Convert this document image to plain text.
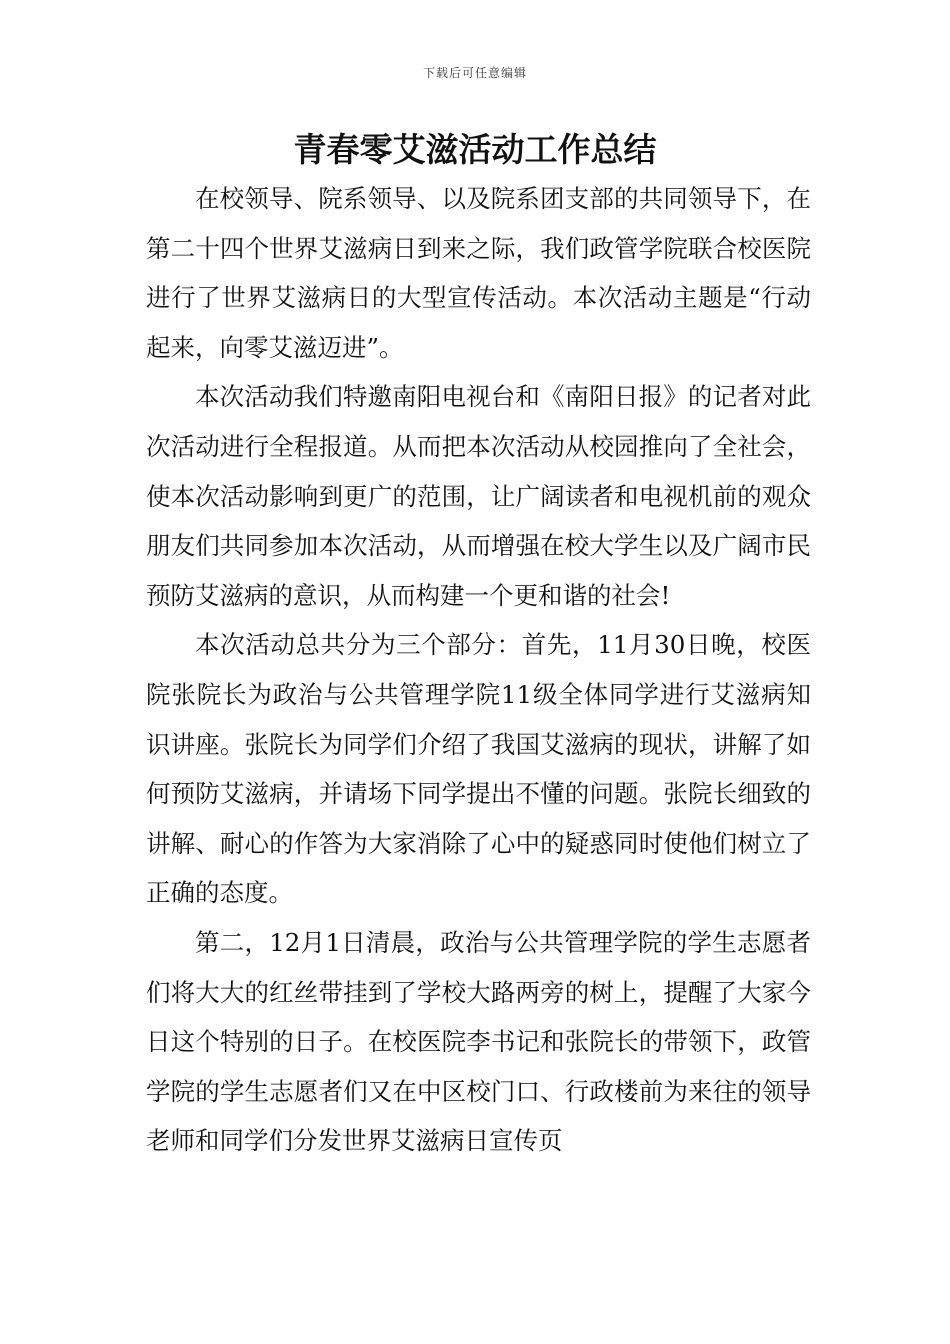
下载后可任意编辑
青春零艾滋活动工作总结

在校领导、院系领导、以及院系团支部的共同领导下，在第二十四个世界艾滋病日到来之际，我们政管学院联合校医院进行了世界艾滋病日的大型宣传活动。本次活动主题是“行动起来，向零艾滋迈进”。

本次活动我们特邀南阳电视台和《南阳日报》的记者对此次活动进行全程报道。从而把本次活动从校园推向了全社会，使本次活动影响到更广的范围，让广阔读者和电视机前的观众朋友们共同参加本次活动，从而增强在校大学生以及广阔市民预防艾滋病的意识，从而构建一个更和谐的社会!

本次活动总共分为三个部分：首先，11月30日晚，校医院张院长为政治与公共管理学院11级全体同学进行艾滋病知识讲座。张院长为同学们介绍了我国艾滋病的现状，讲解了如何预防艾滋病，并请场下同学提出不懂的问题。张院长细致的讲解、耐心的作答为大家消除了心中的疑惑同时使他们树立了正确的态度。

第二，12月1日清晨，政治与公共管理学院的学生志愿者们将大大的红丝带挂到了学校大路两旁的树上，提醒了大家今日这个特别的日子。在校医院李书记和张院长的带领下，政管学院的学生志愿者们又在中区校门口、行政楼前为来往的领导老师和同学们分发世界艾滋病日宣传页
